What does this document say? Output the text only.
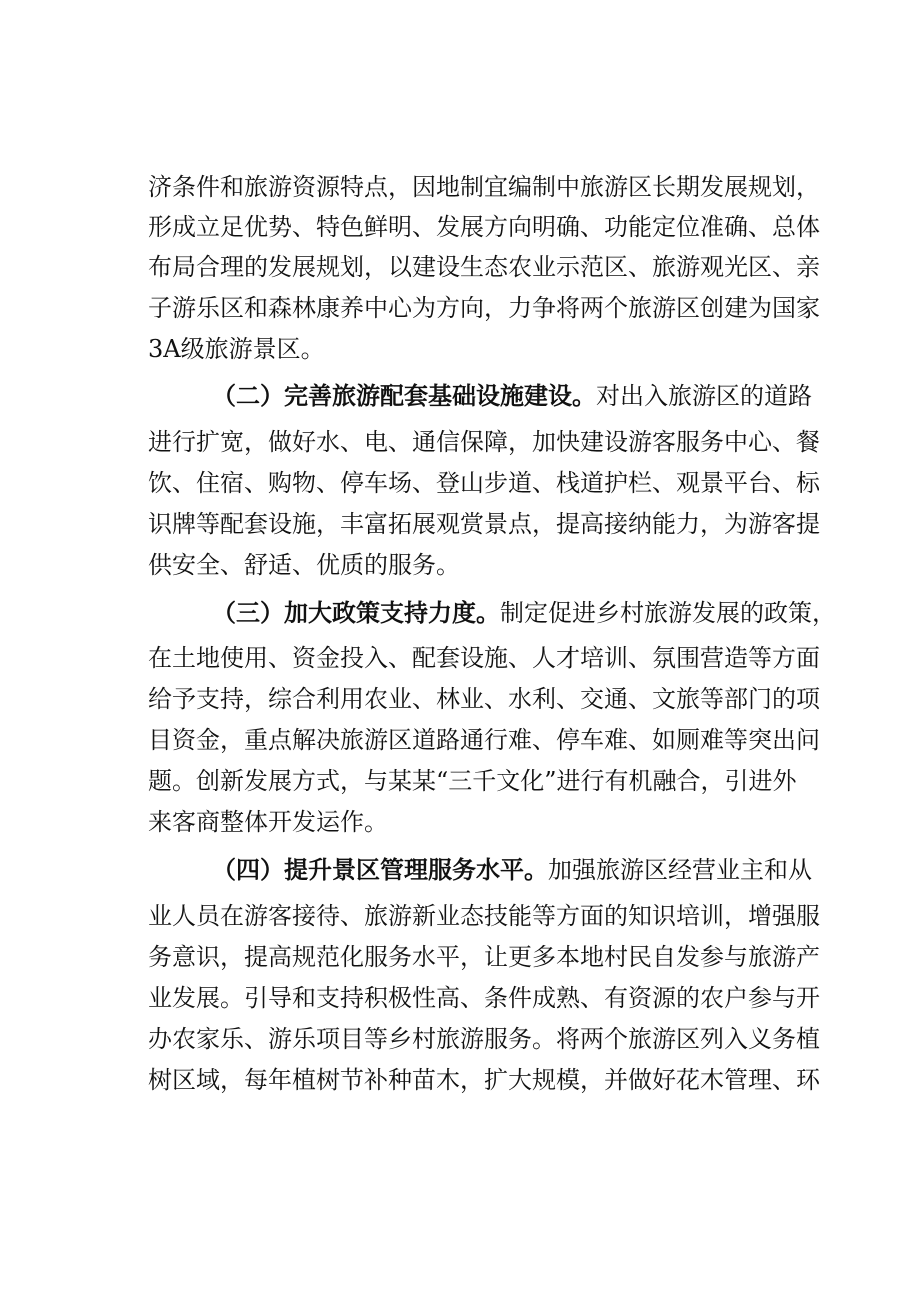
济条件和旅游资源特点，因地制宜编制中旅游区长期发展规划，
形成立足优势、特色鲜明、发展方向明确、功能定位准确、总体
布局合理的发展规划，以建设生态农业示范区、旅游观光区、亲
子游乐区和森林康养中心为方向，力争将两个旅游区创建为国家
3A级旅游景区。
（二）完善旅游配套基础设施建设。对出入旅游区的道路
进行扩宽，做好水、电、通信保障，加快建设游客服务中心、餐
饮、住宿、购物、停车场、登山步道、栈道护栏、观景平台、标
识牌等配套设施，丰富拓展观赏景点，提高接纳能力，为游客提
供安全、舒适、优质的服务。
（三）加大政策支持力度。制定促进乡村旅游发展的政策，
在土地使用、资金投入、配套设施、人才培训、氛围营造等方面
给予支持，综合利用农业、林业、水利、交通、文旅等部门的项
目资金，重点解决旅游区道路通行难、停车难、如厕难等突出问
题。创新发展方式，与某某“三千文化”进行有机融合，引进外
来客商整体开发运作。
（四）提升景区管理服务水平。加强旅游区经营业主和从
业人员在游客接待、旅游新业态技能等方面的知识培训，增强服
务意识，提高规范化服务水平，让更多本地村民自发参与旅游产
业发展。引导和支持积极性高、条件成熟、有资源的农户参与开
办农家乐、游乐项目等乡村旅游服务。将两个旅游区列入义务植
树区域，每年植树节补种苗木，扩大规模，并做好花木管理、环
